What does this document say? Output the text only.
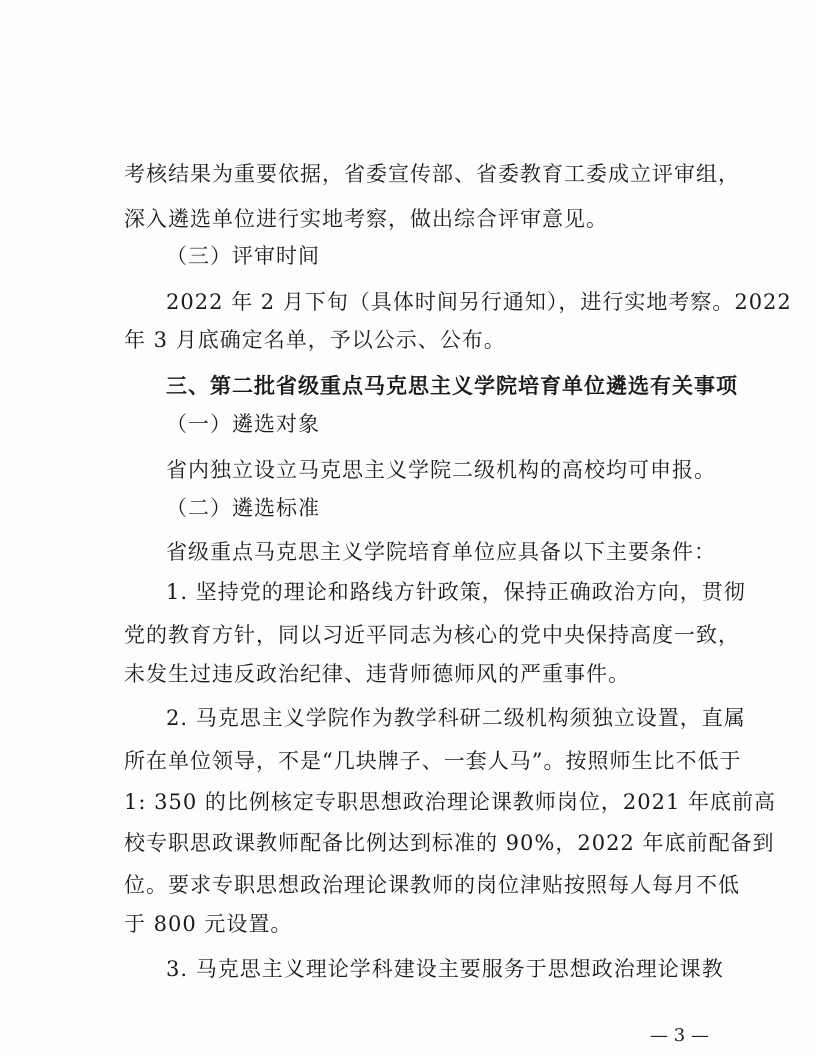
考核结果为重要依据，省委宣传部、省委教育工委成立评审组，
深入遴选单位进行实地考察，做出综合评审意见。
（三）评审时间
2022 年 2 月下旬（具体时间另行通知），进行实地考察。2022
年 3 月底确定名单，予以公示、公布。
三、第二批省级重点马克思主义学院培育单位遴选有关事项
（一）遴选对象
省内独立设立马克思主义学院二级机构的高校均可申报。
（二）遴选标准
省级重点马克思主义学院培育单位应具备以下主要条件：
1. 坚持党的理论和路线方针政策，保持正确政治方向，贯彻
党的教育方针，同以习近平同志为核心的党中央保持高度一致，
未发生过违反政治纪律、违背师德师风的严重事件。
2. 马克思主义学院作为教学科研二级机构须独立设置，直属
所在单位领导，不是“几块牌子、一套人马”。按照师生比不低于
1: 350 的比例核定专职思想政治理论课教师岗位，2021 年底前高
校专职思政课教师配备比例达到标准的 90%，2022 年底前配备到
位。要求专职思想政治理论课教师的岗位津贴按照每人每月不低
于 800 元设置。
3. 马克思主义理论学科建设主要服务于思想政治理论课教
— 3 —
